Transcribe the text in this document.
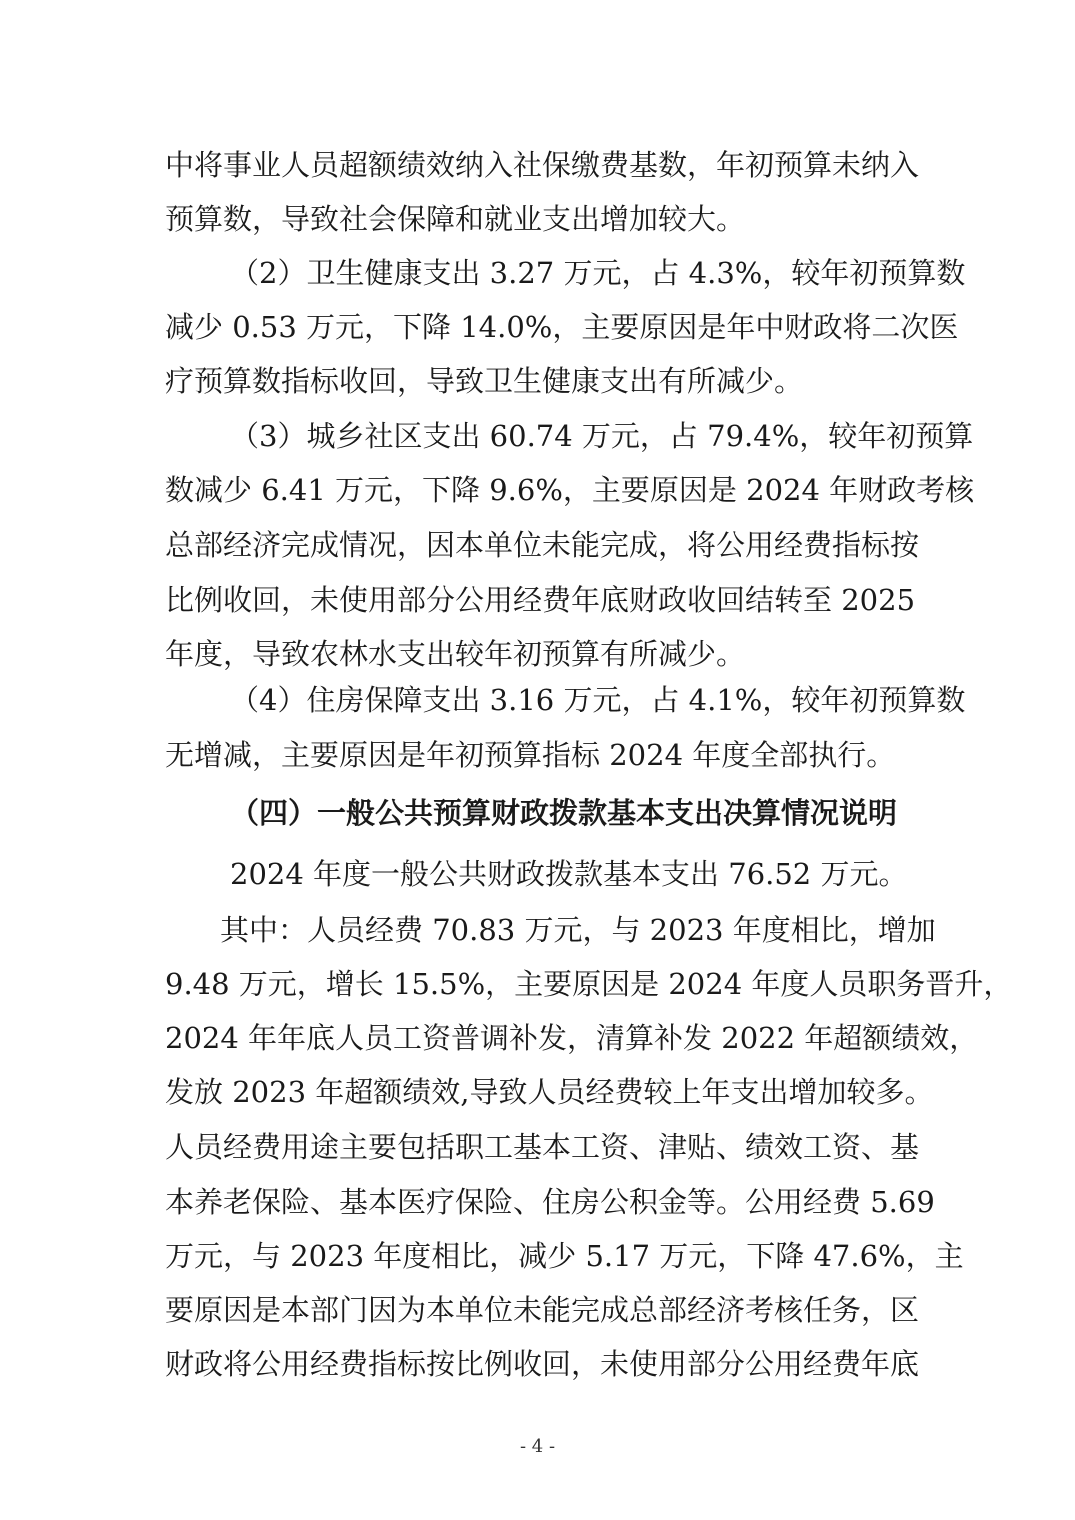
中将事业人员超额绩效纳入社保缴费基数，年初预算未纳入
预算数，导致社会保障和就业支出增加较大。
（2）卫生健康支出 3.27 万元，占 4.3%，较年初预算数
减少 0.53 万元，下降 14.0%，主要原因是年中财政将二次医
疗预算数指标收回，导致卫生健康支出有所减少。
（3）城乡社区支出 60.74 万元，占 79.4%，较年初预算
数减少 6.41 万元，下降 9.6%，主要原因是 2024 年财政考核
总部经济完成情况，因本单位未能完成，将公用经费指标按
比例收回，未使用部分公用经费年底财政收回结转至 2025
年度，导致农林水支出较年初预算有所减少。
（4）住房保障支出 3.16 万元，占 4.1%，较年初预算数
无增减，主要原因是年初预算指标 2024 年度全部执行。
（四）一般公共预算财政拨款基本支出决算情况说明
2024 年度一般公共财政拨款基本支出 76.52 万元。
其中：人员经费 70.83 万元，与 2023 年度相比，增加
9.48 万元，增长 15.5%，主要原因是 2024 年度人员职务晋升，
2024 年年底人员工资普调补发，清算补发 2022 年超额绩效，
发放 2023 年超额绩效,导致人员经费较上年支出增加较多。
人员经费用途主要包括职工基本工资、津贴、绩效工资、基
本养老保险、基本医疗保险、住房公积金等。公用经费 5.69
万元，与 2023 年度相比，减少 5.17 万元，下降 47.6%，主
要原因是本部门因为本单位未能完成总部经济考核任务，区
财政将公用经费指标按比例收回，未使用部分公用经费年底
- 4 -
